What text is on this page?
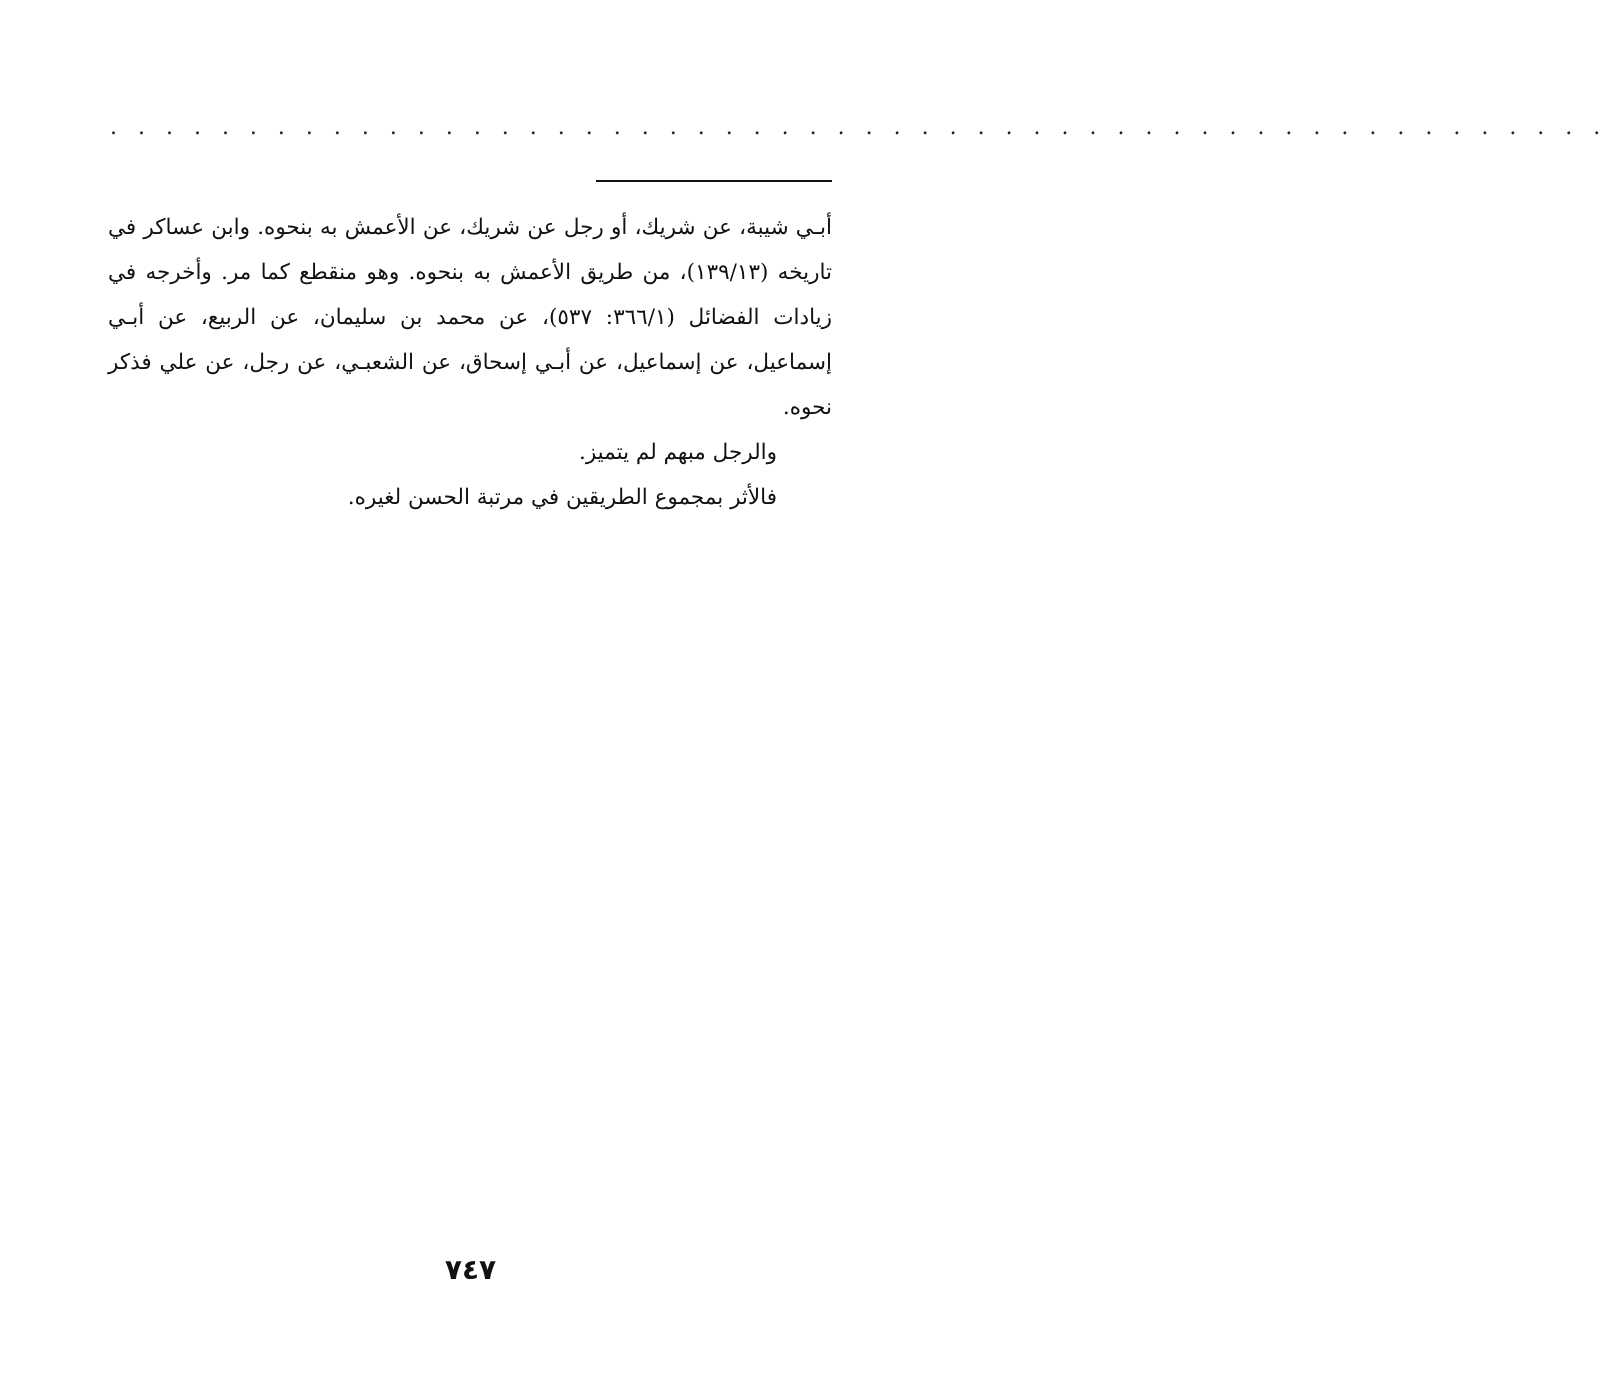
. . . . . . . . . . . . . . . . . . . . . . . . . . . . . . . . . . . . . . . . . . . . . . . . . . . . . .

أبـي شيبة، عن شريك، أو رجل عن شريك، عن الأعمش به بنحوه. وابن عساكر في تاريخه (١٣٩/١٣)، من طريق الأعمش به بنحوه. وهو منقطع كما مر. وأخرجه في زيادات الفضائل (٣٦٦/١: ٥٣٧)، عن محمد بن سليمان، عن الربيع، عن أبـي إسماعيل، عن إسماعيل، عن أبـي إسحاق، عن الشعبـي، عن رجل، عن علي فذكر نحوه.

والرجل مبهم لم يتميز.

فالأثر بمجموع الطريقين في مرتبة الحسن لغيره.

٧٤٧
